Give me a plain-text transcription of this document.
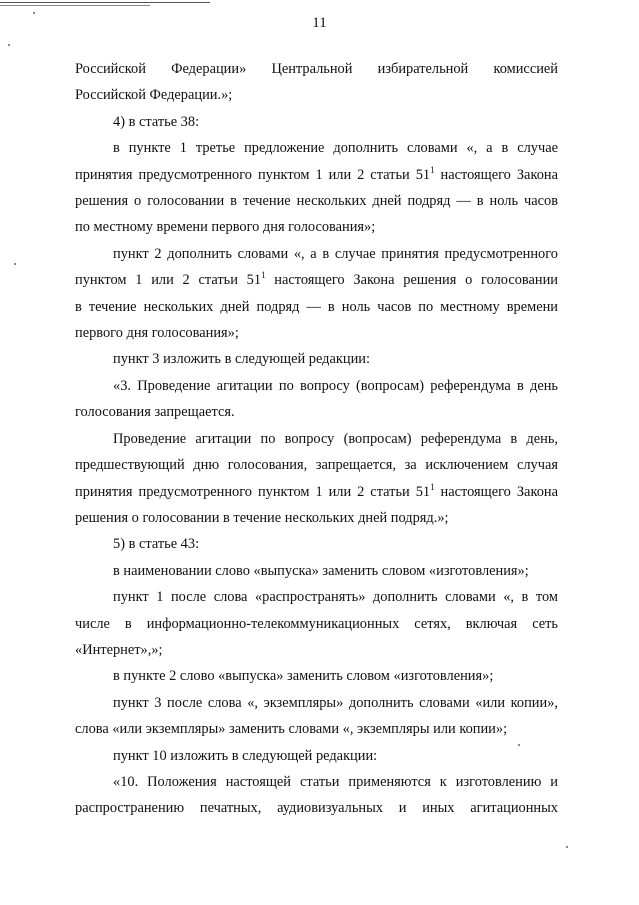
11

Российской Федерации» Центральной избирательной комиссией

Российской Федерации.»;

4) в статье 38:

в пункте 1 третье предложение дополнить словами «, а в случае

принятия предусмотренного пунктом 1 или 2 статьи $51^1$ настоящего Закона

решения о голосовании в течение нескольких дней подряд — в ноль часов

по местному времени первого дня голосования»;

пункт 2 дополнить словами «, а в случае принятия предусмотренного

пунктом 1 или 2 статьи $51^1$ настоящего Закона решения о голосовании

в течение нескольких дней подряд — в ноль часов по местному времени

первого дня голосования»;

пункт 3 изложить в следующей редакции:

«3. Проведение агитации по вопросу (вопросам) референдума в день

голосования запрещается.

Проведение агитации по вопросу (вопросам) референдума в день,

предшествующий дню голосования, запрещается, за исключением случая

принятия предусмотренного пунктом 1 или 2 статьи $51^1$ настоящего Закона

решения о голосовании в течение нескольких дней подряд.»;

5) в статье 43:

в наименовании слово «выпуска» заменить словом «изготовления»;

пункт 1 после слова «распространять» дополнить словами «, в том

числе в информационно-телекоммуникационных сетях, включая сеть

«Интернет»,»;

в пункте 2 слово «выпуска» заменить словом «изготовления»;

пункт 3 после слова «, экземпляры» дополнить словами «или копии»,

слова «или экземпляры» заменить словами «, экземпляры или копии»;

пункт 10 изложить в следующей редакции:

«10. Положения настоящей статьи применяются к изготовлению и

распространению печатных, аудиовизуальных и иных агитационных
